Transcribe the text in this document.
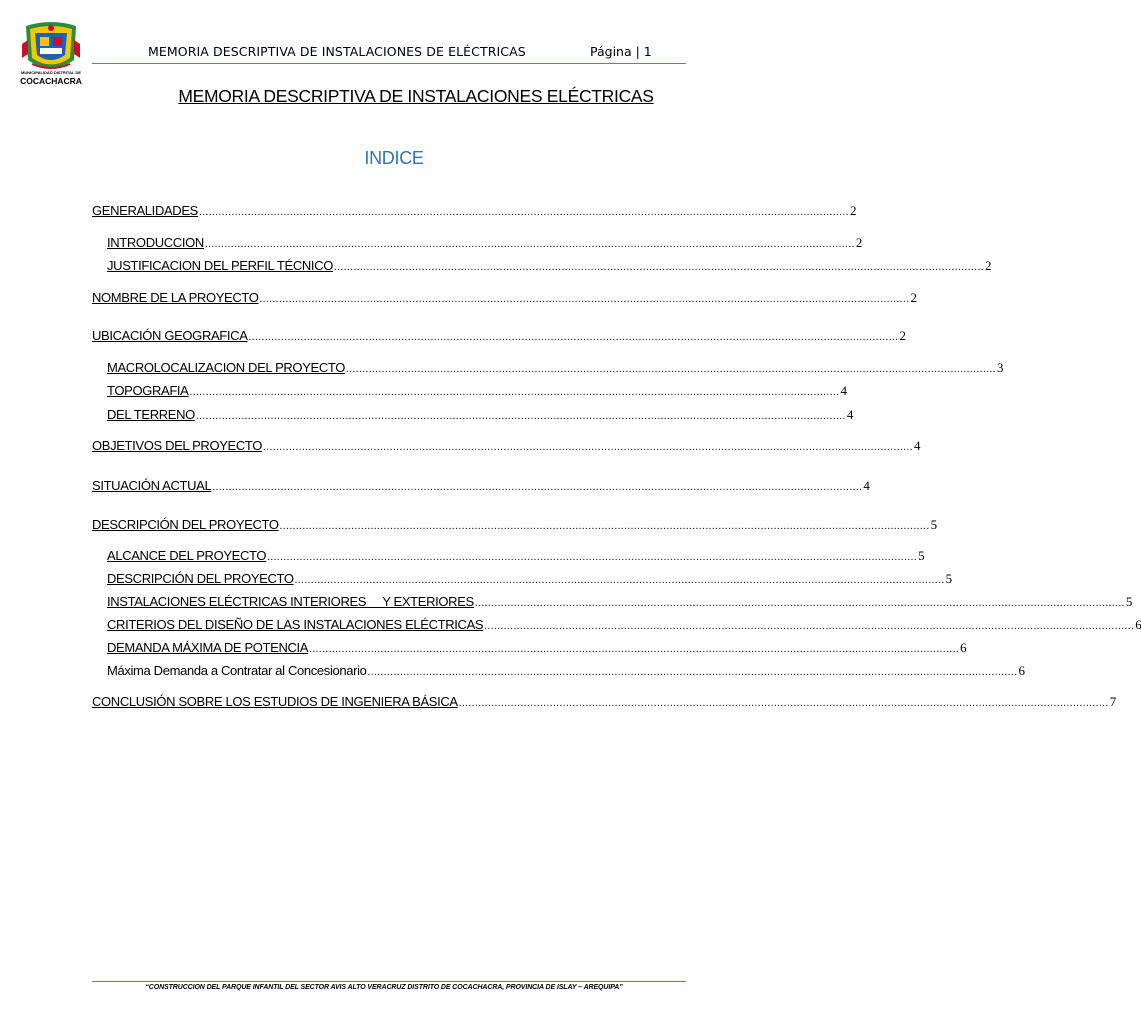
MUNICIPALIDAD DISTRITAL DE
COCACHACRA
MEMORIA DESCRIPTIVA DE INSTALACIONES DE ELÉCTRICAS	Página | 1
MEMORIA DESCRIPTIVA DE INSTALACIONES ELÉCTRICAS
INDICE
GENERALIDADES ........................................................................................................................................................................................................ 2
INTRODUCCION ........................................................................................................................................................................................................ 2
JUSTIFICACION DEL PERFIL TÉCNICO ........................................................................................................................................................................................................ 2
NOMBRE DE LA PROYECTO ........................................................................................................................................................................................................ 2
UBICACIÓN GEOGRAFICA ........................................................................................................................................................................................................ 2
MACROLOCALIZACION DEL PROYECTO ........................................................................................................................................................................................................ 3
TOPOGRAFIA ........................................................................................................................................................................................................ 4
DEL TERRENO ........................................................................................................................................................................................................ 4
OBJETIVOS DEL PROYECTO ........................................................................................................................................................................................................ 4
SITUACIÓN ACTUAL ........................................................................................................................................................................................................ 4
DESCRIPCIÓN DEL PROYECTO ........................................................................................................................................................................................................ 5
ALCANCE DEL PROYECTO ........................................................................................................................................................................................................ 5
DESCRIPCIÓN DEL PROYECTO ........................................................................................................................................................................................................ 5
INSTALACIONES ELÉCTRICAS INTERIORES     Y EXTERIORES ........................................................................................................................................................................................................ 5
CRITERIOS DEL DISEÑO DE LAS INSTALACIONES ELÉCTRICAS ........................................................................................................................................................................................................ 6
DEMANDA MÁXIMA DE POTENCIA ........................................................................................................................................................................................................ 6
Máxima Demanda a Contratar al Concesionario ........................................................................................................................................................................................................ 6
CONCLUSIÓN SOBRE LOS ESTUDIOS DE INGENIERA BÁSICA ........................................................................................................................................................................................................ 7
“CONSTRUCCION DEL PARQUE INFANTIL DEL SECTOR AVIS ALTO VERACRUZ DISTRITO DE COCACHACRA, PROVINCIA DE ISLAY – AREQUIPA”
